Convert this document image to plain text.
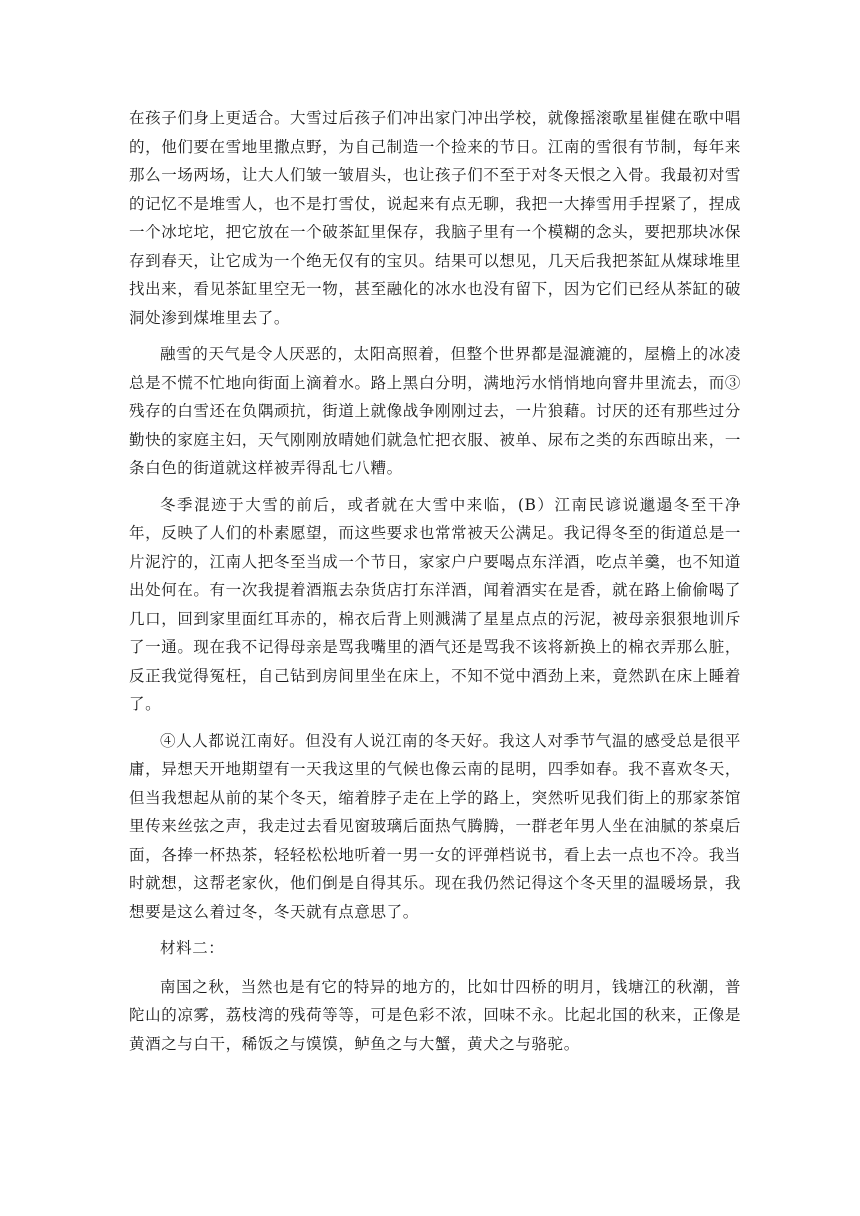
在孩子们身上更适合。大雪过后孩子们冲出家门冲出学校，就像摇滚歌星崔健在歌中唱的，他们要在雪地里撒点野，为自己制造一个捡来的节日。江南的雪很有节制，每年来那么一场两场，让大人们皱一皱眉头，也让孩子们不至于对冬天恨之入骨。我最初对雪的记忆不是堆雪人，也不是打雪仗，说起来有点无聊，我把一大捧雪用手捏紧了，捏成一个冰坨坨，把它放在一个破茶缸里保存，我脑子里有一个模糊的念头，要把那块冰保存到春天，让它成为一个绝无仅有的宝贝。结果可以想见，几天后我把茶缸从煤球堆里找出来，看见茶缸里空无一物，甚至融化的冰水也没有留下，因为它们已经从茶缸的破洞处渗到煤堆里去了。

融雪的天气是令人厌恶的，太阳高照着，但整个世界都是湿漉漉的，屋檐上的冰凌总是不慌不忙地向街面上滴着水。路上黑白分明，满地污水悄悄地向窨井里流去，而③残存的白雪还在负隅顽抗，街道上就像战争刚刚过去，一片狼藉。讨厌的还有那些过分勤快的家庭主妇，天气刚刚放晴她们就急忙把衣服、被单、尿布之类的东西晾出来，一条白色的街道就这样被弄得乱七八糟。

冬季混迹于大雪的前后，或者就在大雪中来临，(B）江南民谚说邋遢冬至干净年，反映了人们的朴素愿望，而这些要求也常常被天公满足。我记得冬至的街道总是一片泥泞的，江南人把冬至当成一个节日，家家户户要喝点东洋酒，吃点羊羹，也不知道出处何在。有一次我提着酒瓶去杂货店打东洋酒，闻着酒实在是香，就在路上偷偷喝了几口，回到家里面红耳赤的，棉衣后背上则溅满了星星点点的污泥，被母亲狠狠地训斥了一通。现在我不记得母亲是骂我嘴里的酒气还是骂我不该将新换上的棉衣弄那么脏，反正我觉得冤枉，自己钻到房间里坐在床上，不知不觉中酒劲上来，竟然趴在床上睡着了。

④人人都说江南好。但没有人说江南的冬天好。我这人对季节气温的感受总是很平庸，异想天开地期望有一天我这里的气候也像云南的昆明，四季如春。我不喜欢冬天，但当我想起从前的某个冬天，缩着脖子走在上学的路上，突然听见我们街上的那家茶馆里传来丝弦之声，我走过去看见窗玻璃后面热气腾腾，一群老年男人坐在油腻的茶桌后面，各捧一杯热茶，轻轻松松地听着一男一女的评弹档说书，看上去一点也不冷。我当时就想，这帮老家伙，他们倒是自得其乐。现在我仍然记得这个冬天里的温暖场景，我想要是这么着过冬，冬天就有点意思了。

材料二：

南国之秋，当然也是有它的特异的地方的，比如廿四桥的明月，钱塘江的秋潮，普陀山的凉雾，荔枝湾的残荷等等，可是色彩不浓，回味不永。比起北国的秋来，正像是黄酒之与白干，稀饭之与馍馍，鲈鱼之与大蟹，黄犬之与骆驼。
